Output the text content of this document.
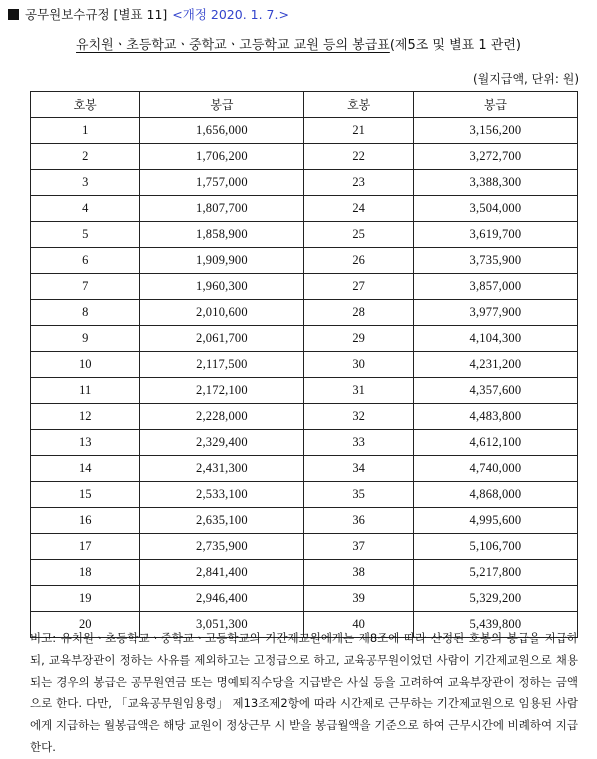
공무원보수규정 [별표 11] <개정 2020. 1. 7.>
유치원ㆍ초등학교ㆍ중학교ㆍ고등학교 교원 등의 봉급표(제5조 및 별표 1 관련)
(월지급액, 단위: 원)
호봉	봉급	호봉	봉급
1	1,656,000	21	3,156,200
2	1,706,200	22	3,272,700
3	1,757,000	23	3,388,300
4	1,807,700	24	3,504,000
5	1,858,900	25	3,619,700
6	1,909,900	26	3,735,900
7	1,960,300	27	3,857,000
8	2,010,600	28	3,977,900
9	2,061,700	29	4,104,300
10	2,117,500	30	4,231,200
11	2,172,100	31	4,357,600
12	2,228,000	32	4,483,800
13	2,329,400	33	4,612,100
14	2,431,300	34	4,740,000
15	2,533,100	35	4,868,000
16	2,635,100	36	4,995,600
17	2,735,900	37	5,106,700
18	2,841,400	38	5,217,800
19	2,946,400	39	5,329,200
20	3,051,300	40	5,439,800
비고: 유치원ㆍ초등학교ㆍ중학교ㆍ고등학교의 기간제교원에게는 제8조에 따라 산정된 호봉의 봉급을 지급하되, 교육부장관이 정하는 사유를 제외하고는 고정급으로 하고, 교육공무원이었던 사람이 기간제교원으로 채용되는 경우의 봉급은 공무원연금 또는 명예퇴직수당을 지급받은 사실 등을 고려하여 교육부장관이 정하는 금액으로 한다. 다만, 「교육공무원임용령」 제13조제2항에 따라 시간제로 근무하는 기간제교원으로 임용된 사람에게 지급하는 월봉급액은 해당 교원이 정상근무 시 받을 봉급월액을 기준으로 하여 근무시간에 비례하여 지급한다.
